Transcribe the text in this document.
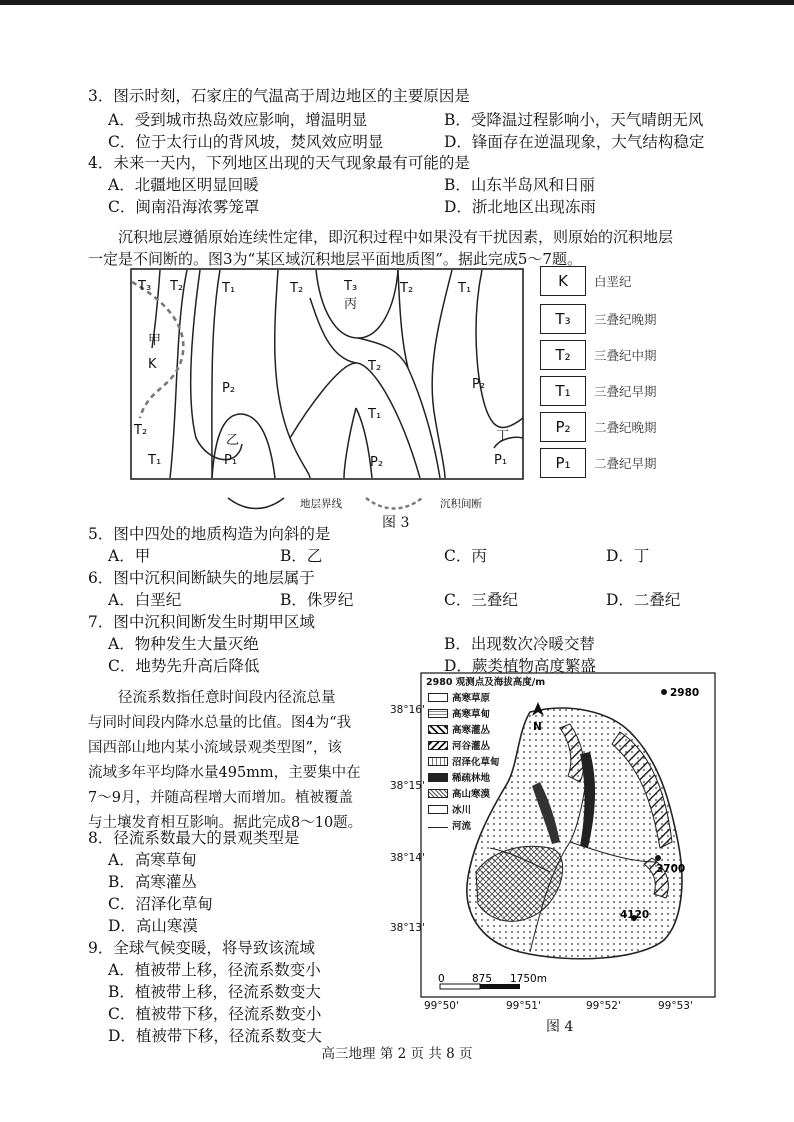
3．图示时刻，石家庄的气温高于周边地区的主要原因是
A．受到城市热岛效应影响，增温明显	B．受降温过程影响小，天气晴朗无风
C．位于太行山的背风坡，焚风效应明显	D．锋面存在逆温现象，大气结构稳定
4．未来一天内，下列地区出现的天气现象最有可能的是
A．北疆地区明显回暖	B．山东半岛风和日丽
C．闽南沿海浓雾笼罩	D．浙北地区出现冻雨
沉积地层遵循原始连续性定律，即沉积过程中如果没有干扰因素，则原始的沉积地层
一定是不间断的。图3为“某区域沉积地层平面地质图”。据此完成5～7题。
T₃ T₂	T₁	T₂	T₃
丙
T₂	T₁
甲
K
P₂
T₂
P₂
T₁
T₂
T₁
乙
P₁	P₂
丁
P₁
K	白垩纪
T₃	三叠纪晚期
T₂	三叠纪中期
T₁	三叠纪早期
P₂	二叠纪晚期
P₁	二叠纪早期
地层界线	沉积间断
图 3
5．图中四处的地质构造为向斜的是
A．甲	B．乙	C．丙	D．丁
6．图中沉积间断缺失的地层属于
A．白垩纪	B．侏罗纪	C．三叠纪	D．二叠纪
7．图中沉积间断发生时期甲区域
A．物种发生大量灭绝	B．出现数次冷暖交替
C．地势先升高后降低	D．蕨类植物高度繁盛
径流系数指任意时间段内径流总量
与同时间段内降水总量的比值。图4为“我
国西部山地内某小流域景观类型图”，该
流域多年平均降水量495mm，主要集中在
7～9月，并随高程增大而增加。植被覆盖
与土壤发育相互影响。据此完成8～10题。
8．径流系数最大的景观类型是
A．高寒草甸
B．高寒灌丛
C．沼泽化草甸
D．高山寒漠
9．全球气候变暖，将导致该流域
A．植被带上移，径流系数变小
B．植被带上移，径流系数变大
C．植被带下移，径流系数变小
D．植被带下移，径流系数变大
2980
3700
4120
N
0	875 1750m
2980 观测点及海拔高度/m
高寒草原
高寒草甸
高寒灌丛
河谷灌丛
沼泽化草甸
稀疏林地
高山寒漠
冰川
河流
38°16'
38°15'
38°14'
38°13'
99°50'	99°51'	99°52'	99°53'
图 4
高三地理 第 2 页 共 8 页
